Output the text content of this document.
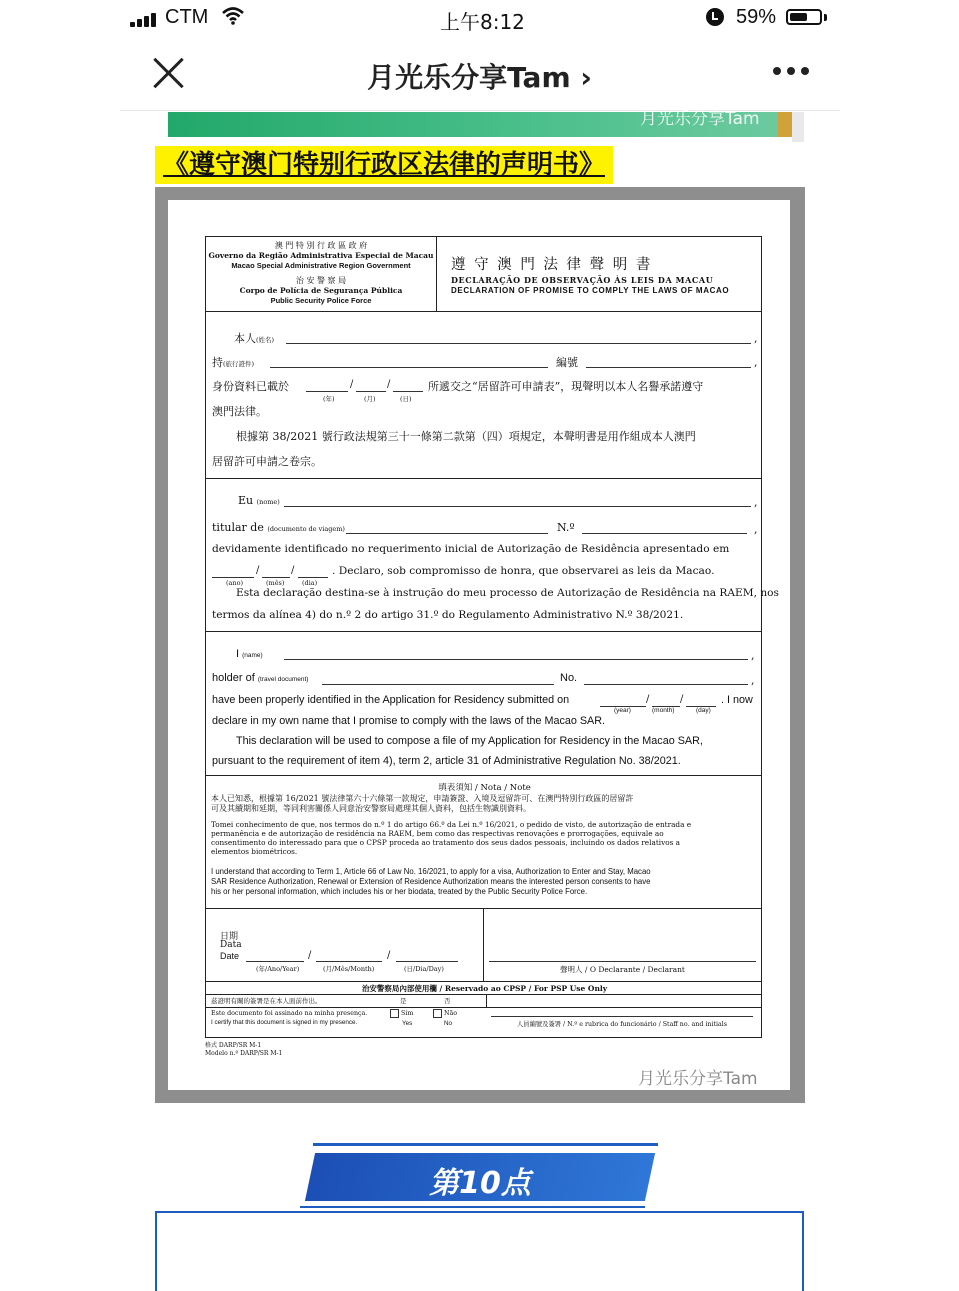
CTM	上午8:12	59%
月光乐分享Tam ›
月光乐分享Tam
《遵守澳门特别行政区法律的声明书》
澳 門 特 別 行 政 區 政 府
Governo da Região Administrativa Especial de Macau
Macao Special Administrative Region Government
治 安 警 察 局
Corpo de Polícia de Segurança Pública
Public Security Police Force
遵 守 澳 門 法 律 聲 明 書
DECLARAÇÃO DE OBSERVAÇÃO ÀS LEIS DA MACAU
DECLARATION OF PROMISE TO COMPLY THE LAWS OF MACAO
本人(姓名)	,
持(旅行證件)	編號	,
身份資料已載於	/	/
(年)	(月)	(日)
所遞交之“居留許可申請表”，現聲明以本人名譽承諾遵守
澳門法律。
根據第 38/2021 號行政法規第三十一條第二款第（四）項規定，本聲明書是用作組成本人澳門
居留許可申請之卷宗。
Eu (nome)	,
titular de (documento de viagem)	N.º	,
devidamente identificado no requerimento inicial de Autorização de Residência apresentado em
/	/
(ano)	(mês)	(dia)
. Declaro, sob compromisso de honra, que observarei as leis da Macao.
Esta declaração destina-se à instrução do meu processo de Autorização de Residência na RAEM, nos
termos da alínea 4) do n.º 2 do artigo 31.º do Regulamento Administrativo N.º 38/2021.
I (name)	,
holder of (travel document)	No.	,
have been properly identified in the Application for Residency submitted on	/	/
(year)	(month)	(day)
. I now
declare in my own name that I promise to comply with the laws of the Macao SAR.
This declaration will be used to compose a file of my Application for Residency in the Macao SAR,
pursuant to the requirement of item 4), term 2, article 31 of Administrative Regulation No. 38/2021.
填表須知 / Nota / Note
本人已知悉，根據第 16/2021 號法律第六十六條第一款規定，申請簽證、入境及逗留許可、在澳門特別行政區的居留許
可及其續期和延期，等同利害關係人同意治安警察局處理其個人資料，包括生物識別資料。
Tomei conhecimento de que, nos termos do n.º 1 do artigo 66.º da Lei n.º 16/2021, o pedido de visto, de autorização de entrada e
permanência e de autorização de residência na RAEM, bem como das respectivas renovações e prorrogações, equivale ao
consentimento do interessado para que o CPSP proceda ao tratamento dos seus dados pessoais, incluindo os dados relativos a
elementos biométricos.
I understand that according to Term 1, Article 66 of Law No. 16/2021, to apply for a visa, Authorization to Enter and Stay, Macao
SAR Residence Authorization, Renewal or Extension of Residence Authorization means the interested person consents to have
his or her personal information, which includes his or her biodata, treated by the Public Security Police Force.
日期
Data
Date	/	/
(年/Ano/Year)	(月/Mês/Month)	(日/Dia/Day)	聲明人 / O Declarante / Declarant
治安警察局內部使用欄 / Reservado ao CPSP / For PSP Use Only
茲證明有關的簽署是在本人面前作出。	是	否
Este documento foi assinado na minha presença.
I certify that this document is signed in my presence.
Sim
Yes
Não
No	人員編號及簽署 / N.º e rubrica do funcionário / Staff no. and initials
格式 DARP/SR M-1
Modelo n.º DARP/SR M-1
月光乐分享Tam
第10点
